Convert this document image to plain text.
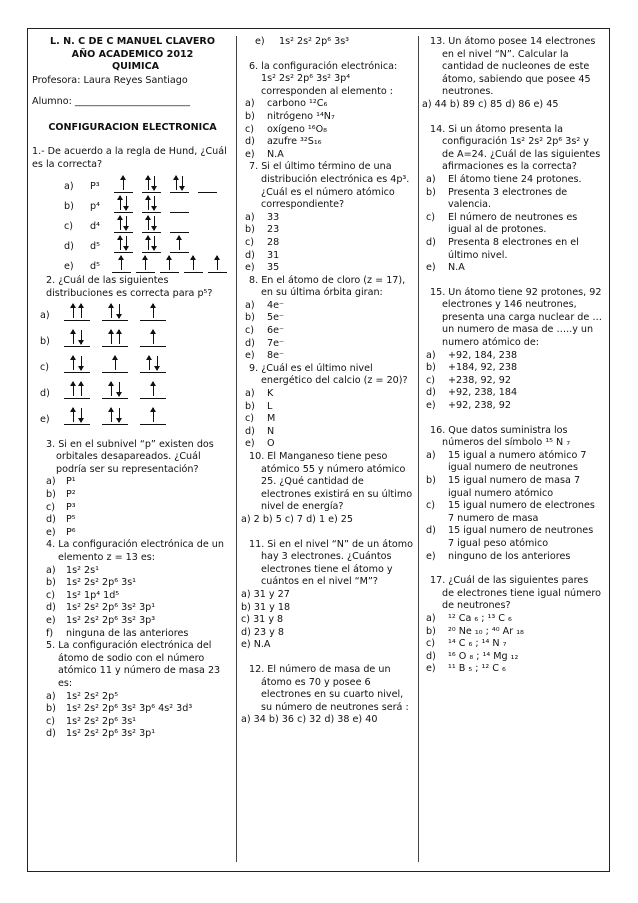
L. N. C DE C MANUEL CLAVERO
AÑO ACADEMICO 2012
QUIMICA
Profesora: Laura Reyes Santiago
Alumno: ________________________
CONFIGURACION ELECTRONICA
1.- De acuerdo a la regla de Hund, ¿Cuál es la correcta?
a) P³
b) p⁴
c) d⁴
d) d⁵
e) d⁵
2. ¿Cuál de las siguientes distribuciones es correcta para p⁵?
a)
b)
c)
d)
e)
3. Si en el subnivel “p” existen dos orbitales desapareados. ¿Cuál podría ser su representación?
a)	P¹
b)	P²
c)	P³
d)	P⁵
e)	P⁶
4. La configuración electrónica de un elemento z = 13 es:
a)	1s² 2s¹
b)	1s² 2s² 2p⁶ 3s¹
c)	1s² 1p⁴ 1d⁵
d)	1s² 2s² 2p⁶ 3s² 3p¹
e)	1s² 2s² 2p⁶ 3s² 3p³
f)	ninguna de las anteriores
5. La configuración electrónica del átomo de sodio con el número atómico 11 y número de masa 23 es:
a)	1s² 2s² 2p⁵
b)	1s² 2s² 2p⁶ 3s² 3p⁶ 4s² 3d³
c)	1s² 2s² 2p⁶ 3s¹
d)	1s² 2s² 2p⁶ 3s² 3p¹
e)	1s² 2s² 2p⁶ 3s³
6. la configuración electrónica: 1s² 2s² 2p⁶ 3s² 3p⁴ corresponden al elemento :
a)	carbono ¹²C₆
b)	nitrógeno ¹⁴N₇
c)	oxígeno ¹⁶O₈
d)	azufre ³²S₁₆
e)	N.A
7. Si el último término de una distribución electrónica es 4p³. ¿Cuál es el número atómico correspondiente?
a)	33
b)	23
c)	28
d)	31
e)	35
8. En el átomo de cloro (z = 17), en su última órbita giran:
a)	4e⁻
b)	5e⁻
c)	6e⁻
d)	7e⁻
e)	8e⁻
9. ¿Cuál es el último nivel energético del calcio (z = 20)?
a)	K
b)	L
c)	M
d)	N
e)	O
10. El Manganeso tiene peso atómico 55 y número atómico 25. ¿Qué cantidad de electrones existirá en su último nivel de energía?
a) 2 b) 5 c) 7 d) 1 e) 25
11. Si en el nivel “N” de un átomo hay 3 electrones. ¿Cuántos electrones tiene el átomo y cuántos en el nivel “M”?
a) 31 y 27
b) 31 y 18
c) 31 y 8
d) 23 y 8
e) N.A
12. El número de masa de un átomo es 70 y posee 6 electrones en su cuarto nivel, su número de neutrones será :
a) 34 b) 36 c) 32 d) 38 e) 40
13. Un átomo posee 14 electrones en el nivel “N”. Calcular la cantidad de nucleones de este átomo, sabiendo que posee 45 neutrones.
a) 44 b) 89 c) 85 d) 86 e) 45
14. Si un átomo presenta la configuración 1s² 2s² 2p⁶ 3s² y de A=24. ¿Cuál de las siguientes afirmaciones es la correcta?
a)	El átomo tiene 24 protones.
b)	Presenta 3 electrones de valencia.
c)	El número de neutrones es igual al de protones.
d)	Presenta 8 electrones en el último nivel.
e)	N.A
15. Un átomo tiene 92 protones, 92 electrones y 146 neutrones, presenta una carga nuclear de … un numero de masa de …..y un numero atómico de:
a)	+92, 184, 238
b)	+184, 92, 238
c)	+238, 92, 92
d)	+92, 238, 184
e)	+92, 238, 92
16. Que datos suministra los números del símbolo ¹⁵ N ₇
a)	15 igual a numero atómico 7 igual numero de neutrones
b)	15 igual numero de masa 7 igual numero atómico
c)	15 igual numero de electrones 7 numero de masa
d)	15 igual numero de neutrones 7 igual peso atómico
e)	ninguno de los anteriores
17. ¿Cuál de las siguientes pares de electrones tiene igual número de neutrones?
a)	¹² Ca ₆ ; ¹³ C ₆
b)	²⁰ Ne ₁₀ ; ⁴⁰ Ar ₁₈
c)	¹⁴ C ₆ ; ¹⁴ N ₇
d)	¹⁶ O ₈ ; ¹⁴ Mg ₁₂
e)	¹¹ B ₅ ; ¹² C ₆
